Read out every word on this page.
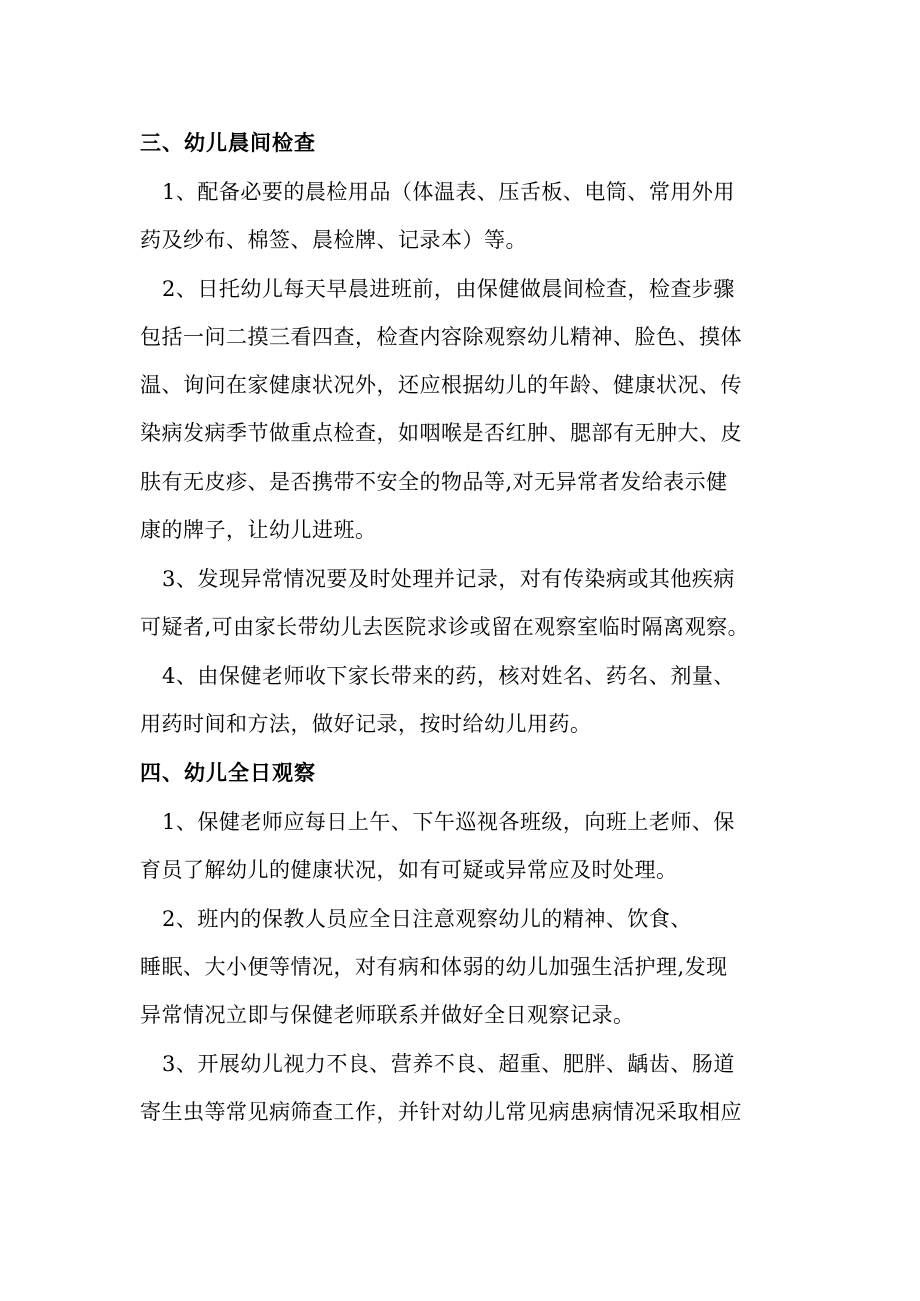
三、幼儿晨间检查
1、配备必要的晨检用品（体温表、压舌板、电筒、常用外用
药及纱布、棉签、晨检牌、记录本）等。
2、日托幼儿每天早晨进班前，由保健做晨间检查，检查步骤
包括一问二摸三看四查，检查内容除观察幼儿精神、脸色、摸体
温、询问在家健康状况外，还应根据幼儿的年龄、健康状况、传
染病发病季节做重点检查，如咽喉是否红肿、腮部有无肿大、皮
肤有无皮疹、是否携带不安全的物品等,对无异常者发给表示健
康的牌子，让幼儿进班。
3、发现异常情况要及时处理并记录，对有传染病或其他疾病
可疑者,可由家长带幼儿去医院求诊或留在观察室临时隔离观察。
4、由保健老师收下家长带来的药，核对姓名、药名、剂量、
用药时间和方法，做好记录，按时给幼儿用药。
四、幼儿全日观察
1、保健老师应每日上午、下午巡视各班级，向班上老师、保
育员了解幼儿的健康状况，如有可疑或异常应及时处理。
2、班内的保教人员应全日注意观察幼儿的精神、饮食、
睡眠、大小便等情况，对有病和体弱的幼儿加强生活护理,发现
异常情况立即与保健老师联系并做好全日观察记录。
3、开展幼儿视力不良、营养不良、超重、肥胖、龋齿、肠道
寄生虫等常见病筛查工作，并针对幼儿常见病患病情况采取相应
